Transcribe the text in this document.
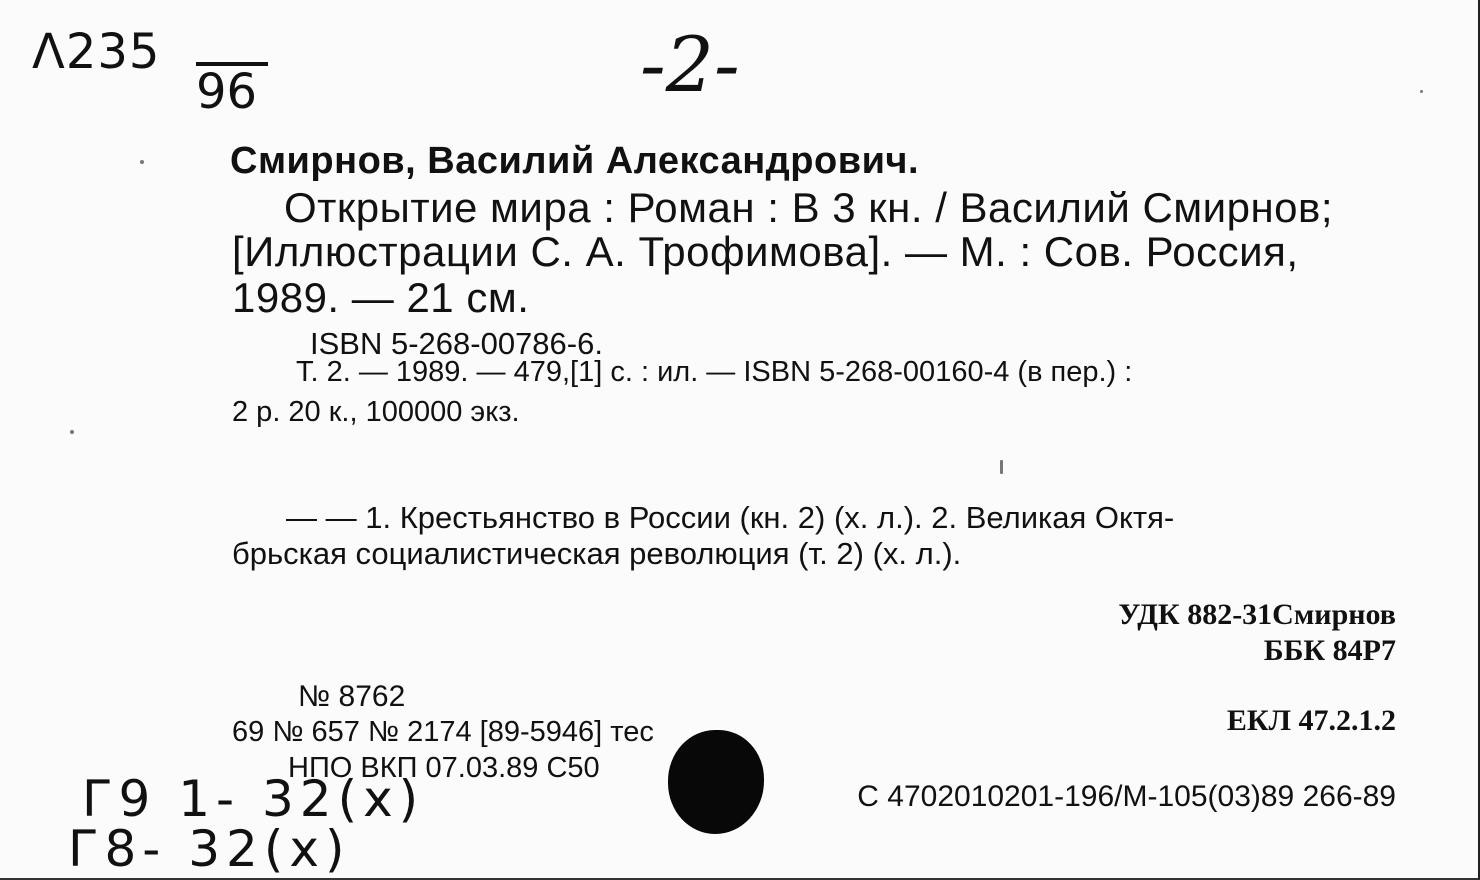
Λ235
96	-2-
Смирнов, Василий Александрович.
Открытие мира : Роман : В 3 кн. / Василий Смирнов;
[Иллюстрации С. А. Трофимова]. — М. : Сов. Россия,
1989. — 21 см.
ISBN 5-268-00786-6.
Т. 2. — 1989. — 479,[1] с. : ил. — ISBN 5-268-00160-4 (в пер.) :
2 р. 20 к., 100000 экз.
— — 1. Крестьянство в России (кн. 2) (х. л.). 2. Великая Октя-
брьская социалистическая революция (т. 2) (х. л.).
УДК 882-31Смирнов
ББК 84Р7
ЕКЛ 47.2.1.2
№ 8762
69 № 657 № 2174 [89-5946] тес
НПО ВКП 07.03.89 С50
С 4702010201-196/М-105(03)89 266-89
Г9 1- 32(х)
Г8- 32(х)
